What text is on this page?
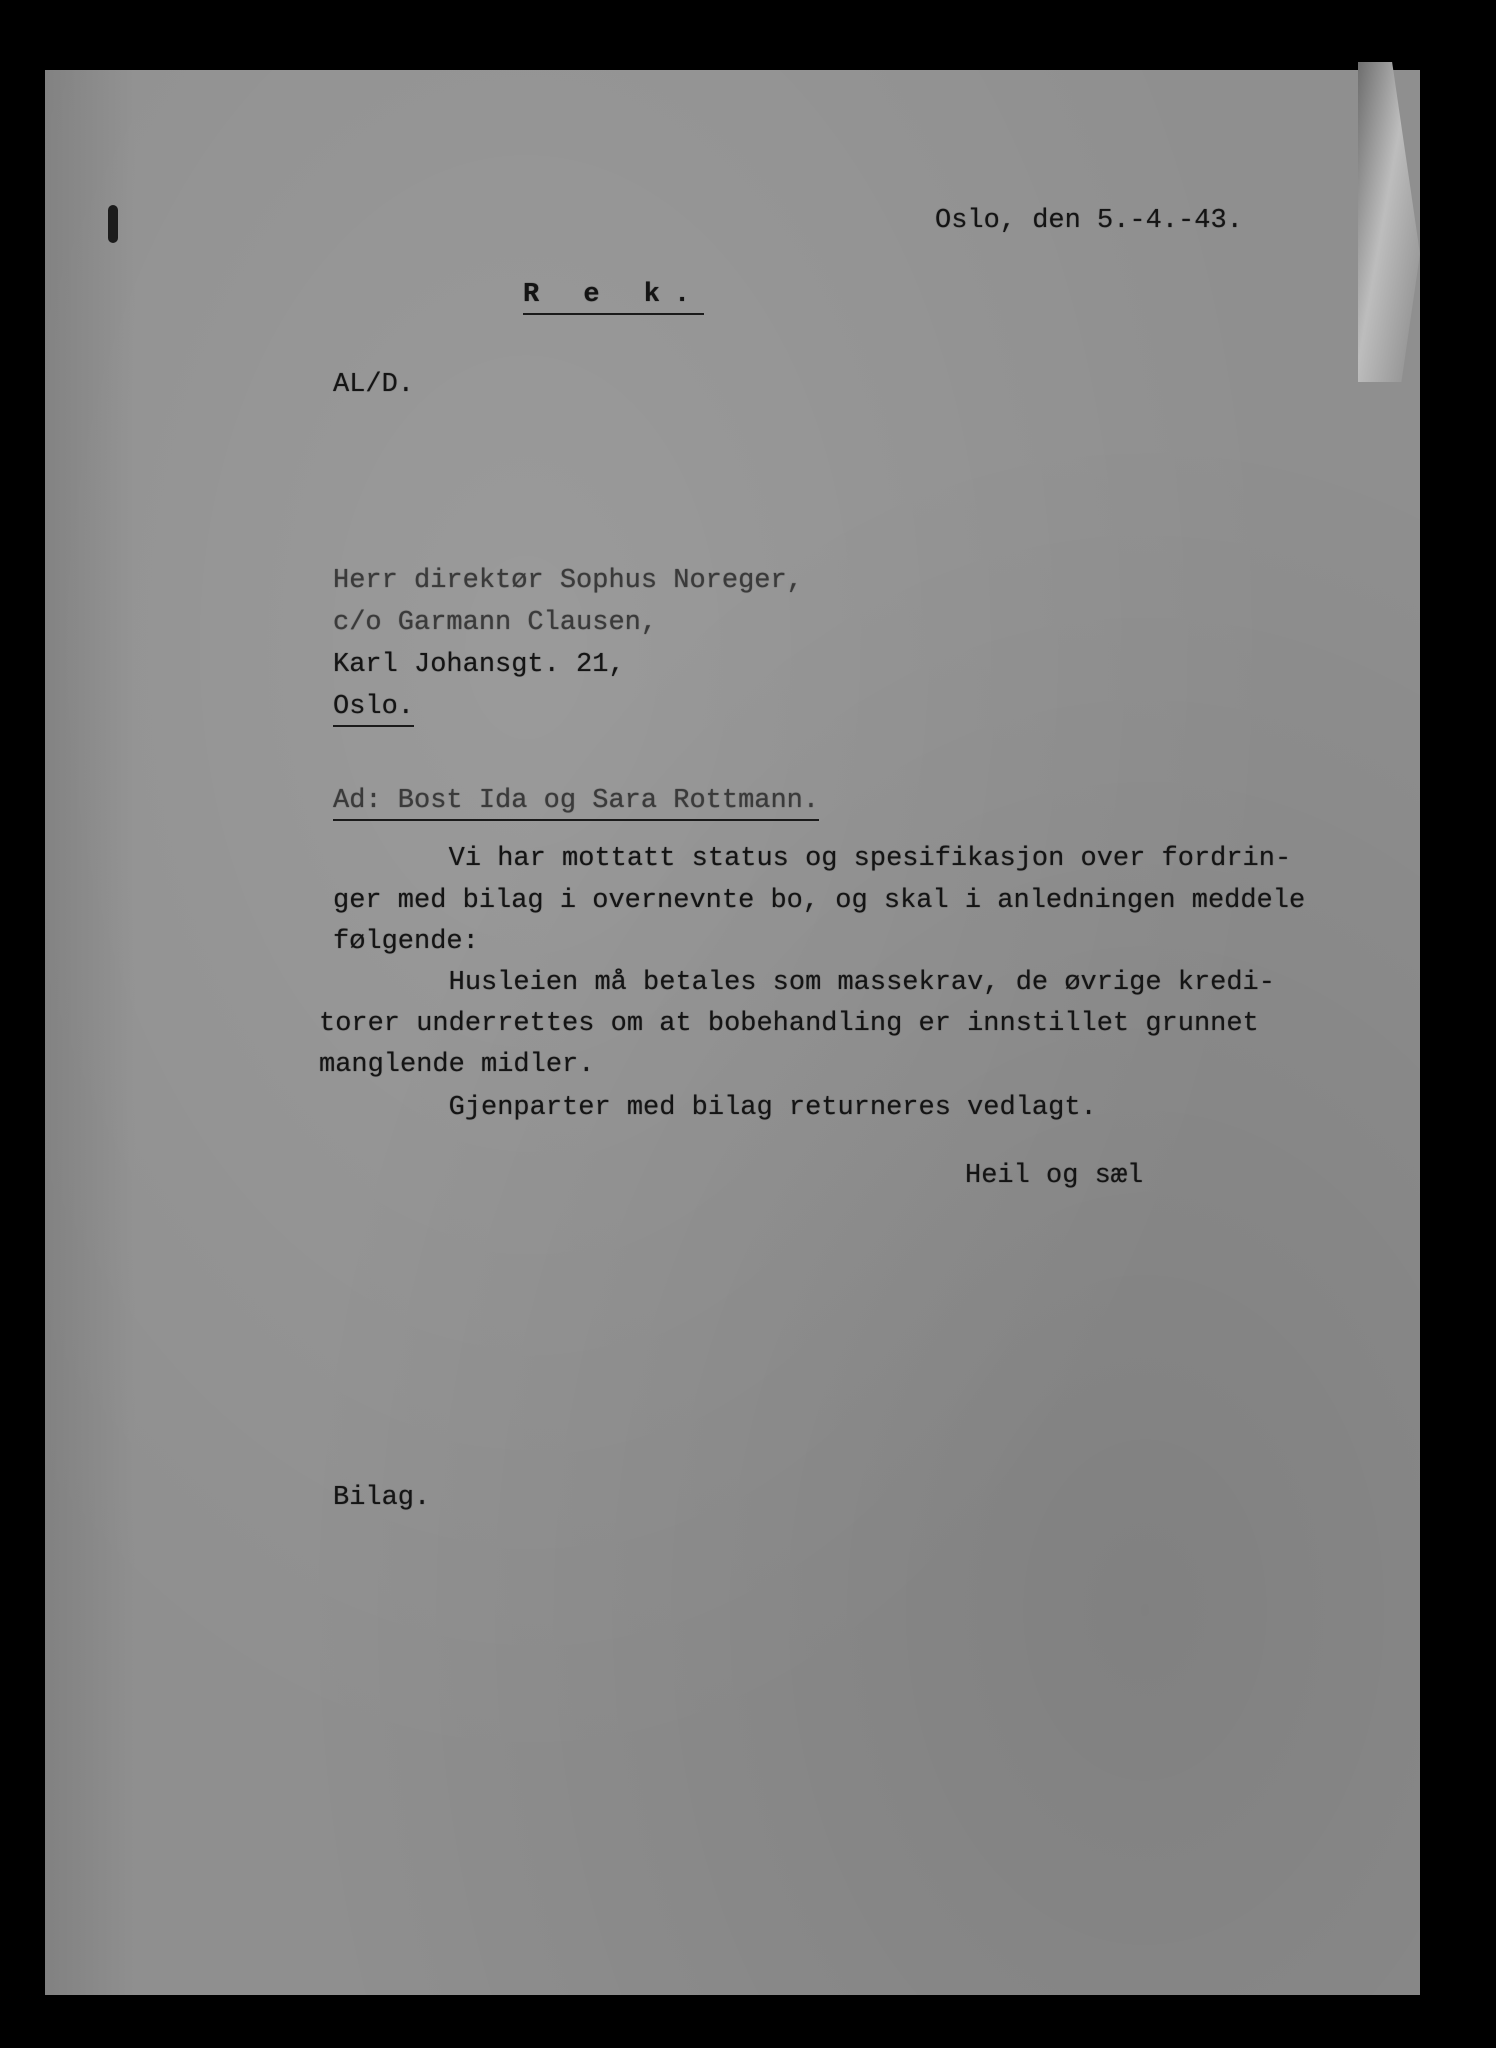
Oslo, den 5.-4.-43.
R e k.
AL/D.
Herr direktør Sophus Noreger,
c/o Garmann Clausen,
Karl Johansgt. 21,
Oslo.
Ad: Bost Ida og Sara Rottmann.
Vi har mottatt status og spesifikasjon over fordrin-
ger med bilag i overnevnte bo, og skal i anledningen meddele
følgende:
Husleien må betales som massekrav, de øvrige kredi-
torer underrettes om at bobehandling er innstillet grunnet
manglende midler.
Gjenparter med bilag returneres vedlagt.
Heil og sæl
Bilag.
